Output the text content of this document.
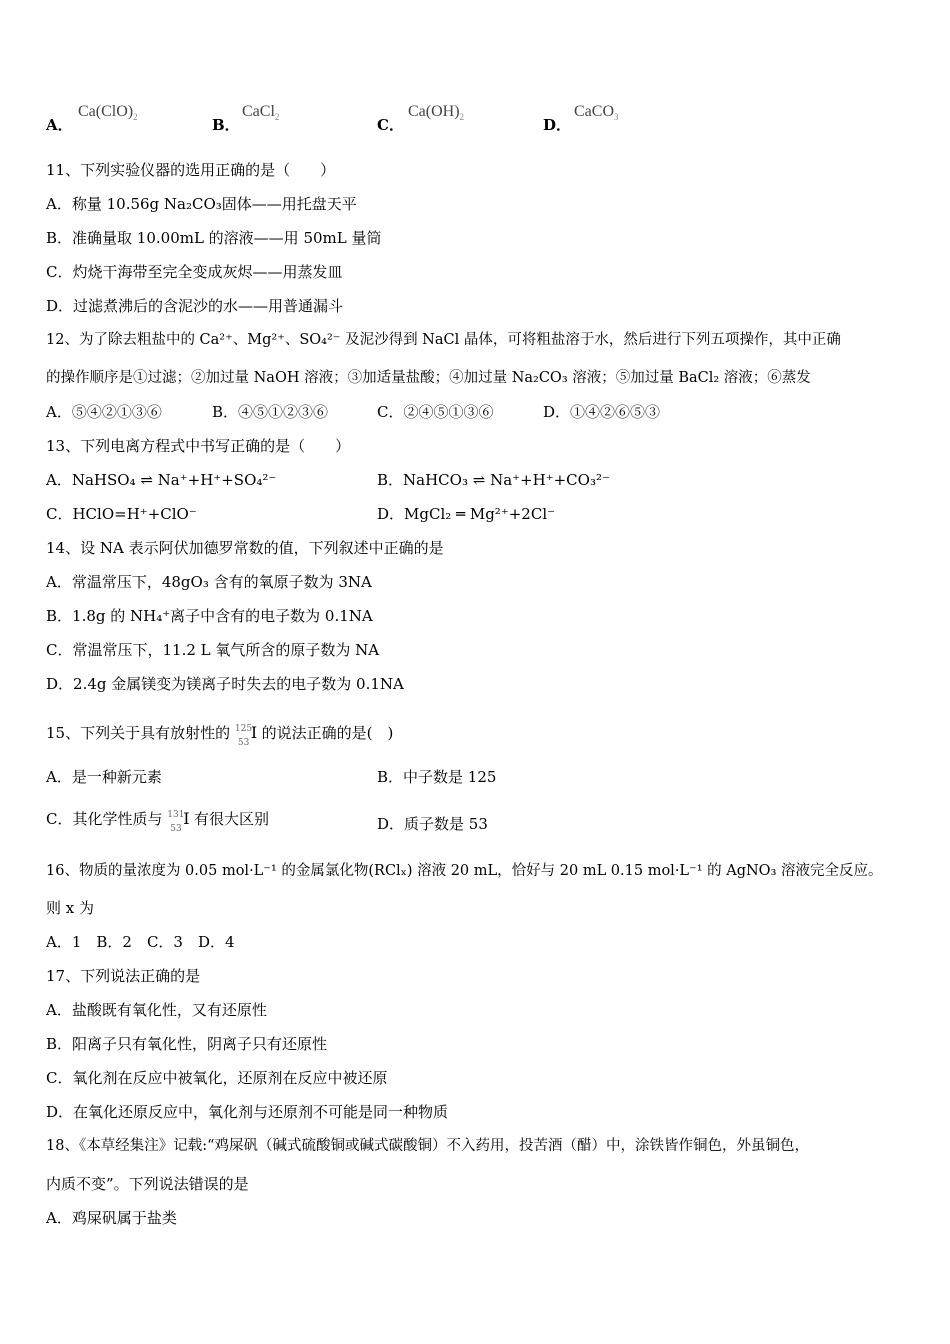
A．
$Ca(ClO)_2$	B．
CaCl$_2$	C．
$Ca(OH)_2$	D．
CaCO$_3$
11、下列实验仪器的选用正确的是（　　）
A．称量 10.56g Na₂CO₃固体——用托盘天平
B．准确量取 10.00mL 的溶液——用 50mL 量筒
C．灼烧干海带至完全变成灰烬——用蒸发皿
D．过滤煮沸后的含泥沙的水——用普通漏斗
12、为了除去粗盐中的 Ca²⁺、Mg²⁺、SO₄²⁻ 及泥沙得到 NaCl 晶体，可将粗盐溶于水，然后进行下列五项操作，其中正确
的操作顺序是①过滤；②加过量 NaOH 溶液；③加适量盐酸；④加过量 Na₂CO₃ 溶液；⑤加过量 BaCl₂ 溶液；⑥蒸发
A．⑤④②①③⑥	B．④⑤①②③⑥	C．②④⑤①③⑥	D．①④②⑥⑤③
13、下列电离方程式中书写正确的是（　　）
A．NaHSO₄ ⇌ Na⁺+H⁺+SO₄²⁻	B．NaHCO₃ ⇌ Na⁺+H⁺+CO₃²⁻
C．HClO=H⁺+ClO⁻	D．MgCl₂ ═ Mg²⁺+2Cl⁻
14、设 NA 表示阿伏加德罗常数的值，下列叙述中正确的是
A．常温常压下，48gO₃ 含有的氧原子数为 3NA
B．1.8g 的 NH₄⁺离子中含有的电子数为 0.1NA
C．常温常压下，11.2 L 氧气所含的原子数为 NA
D．2.4g 金属镁变为镁离子时失去的电子数为 0.1NA
15、下列关于具有放射性的 125
53
I 的说法正确的是(　)
A．是一种新元素	B．中子数是 125
C．其化学性质与 131
53
I 有很大区别	D．质子数是 53
16、物质的量浓度为 0.05 mol·L⁻¹ 的金属氯化物(RClₓ) 溶液 20 mL，恰好与 20 mL 0.15 mol·L⁻¹ 的 AgNO₃ 溶液完全反应。
则 x 为
A．1　B．2　C．3　D．4
17、下列说法正确的是
A．盐酸既有氧化性，又有还原性
B．阳离子只有氧化性，阴离子只有还原性
C．氧化剂在反应中被氧化，还原剂在反应中被还原
D．在氧化还原反应中，氧化剂与还原剂不可能是同一种物质
18、《本草经集注》记载:“鸡屎矾（碱式硫酸铜或碱式碳酸铜）不入药用，投苦酒（醋）中，涂铁皆作铜色，外虽铜色，
内质不变”。下列说法错误的是
A．鸡屎矾属于盐类
